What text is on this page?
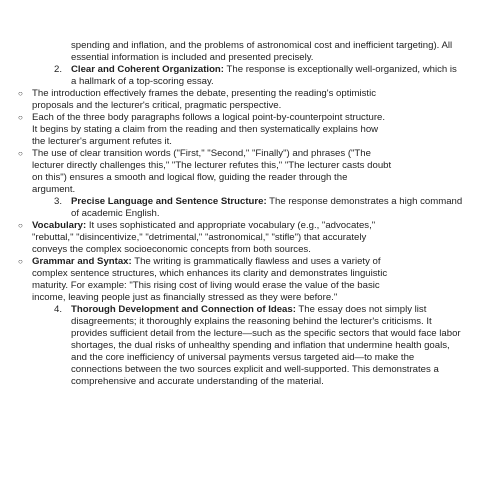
spending and inflation, and the problems of astronomical cost and inefficient targeting). All essential information is included and presented precisely.
2. Clear and Coherent Organization: The response is exceptionally well-organized, which is a hallmark of a top-scoring essay.
○ The introduction effectively frames the debate, presenting the reading's optimistic proposals and the lecturer's critical, pragmatic perspective.
○ Each of the three body paragraphs follows a logical point-by-counterpoint structure. It begins by stating a claim from the reading and then systematically explains how the lecturer's argument refutes it.
○ The use of clear transition words ("First," "Second," "Finally") and phrases ("The lecturer directly challenges this," "The lecturer refutes this," "The lecturer casts doubt on this") ensures a smooth and logical flow, guiding the reader through the argument.
3. Precise Language and Sentence Structure: The response demonstrates a high command of academic English.
○ Vocabulary: It uses sophisticated and appropriate vocabulary (e.g., "advocates," "rebuttal," "disincentivize," "detrimental," "astronomical," "stifle") that accurately conveys the complex socioeconomic concepts from both sources.
○ Grammar and Syntax: The writing is grammatically flawless and uses a variety of complex sentence structures, which enhances its clarity and demonstrates linguistic maturity. For example: "This rising cost of living would erase the value of the basic income, leaving people just as financially stressed as they were before."
4. Thorough Development and Connection of Ideas: The essay does not simply list disagreements; it thoroughly explains the reasoning behind the lecturer's criticisms. It provides sufficient detail from the lecture—such as the specific sectors that would face labor shortages, the dual risks of unhealthy spending and inflation that undermine health goals, and the core inefficiency of universal payments versus targeted aid—to make the connections between the two sources explicit and well-supported. This demonstrates a comprehensive and accurate understanding of the material.
